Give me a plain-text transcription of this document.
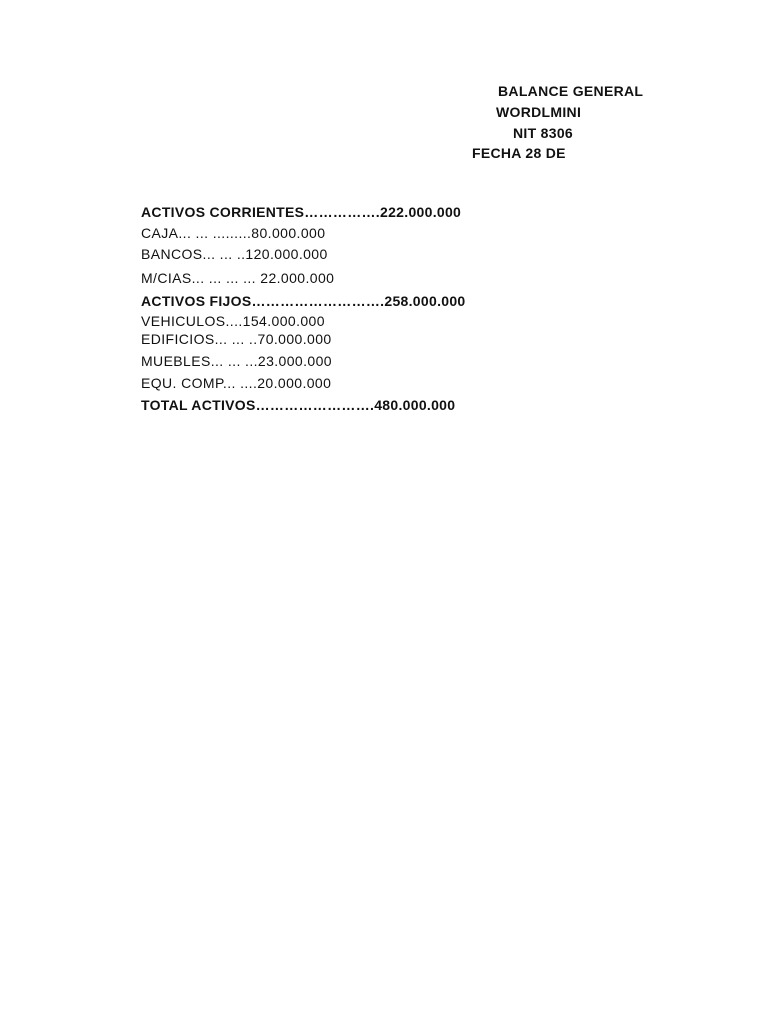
BALANCE GENERAL
WORDLMINI
NIT 8306
FECHA 28 DE
ACTIVOS CORRIENTES…………….222.000.000
CAJA... ... .........80.000.000
BANCOS... ... ..120.000.000
M/CIAS... ... ... ... 22.000.000
ACTIVOS FIJOS……………………….258.000.000
VEHICULOS....154.000.000
EDIFICIOS... ... ..70.000.000
MUEBLES... ... ...23.000.000
EQU. COMP... ....20.000.000
TOTAL ACTIVOS…………………….480.000.000
